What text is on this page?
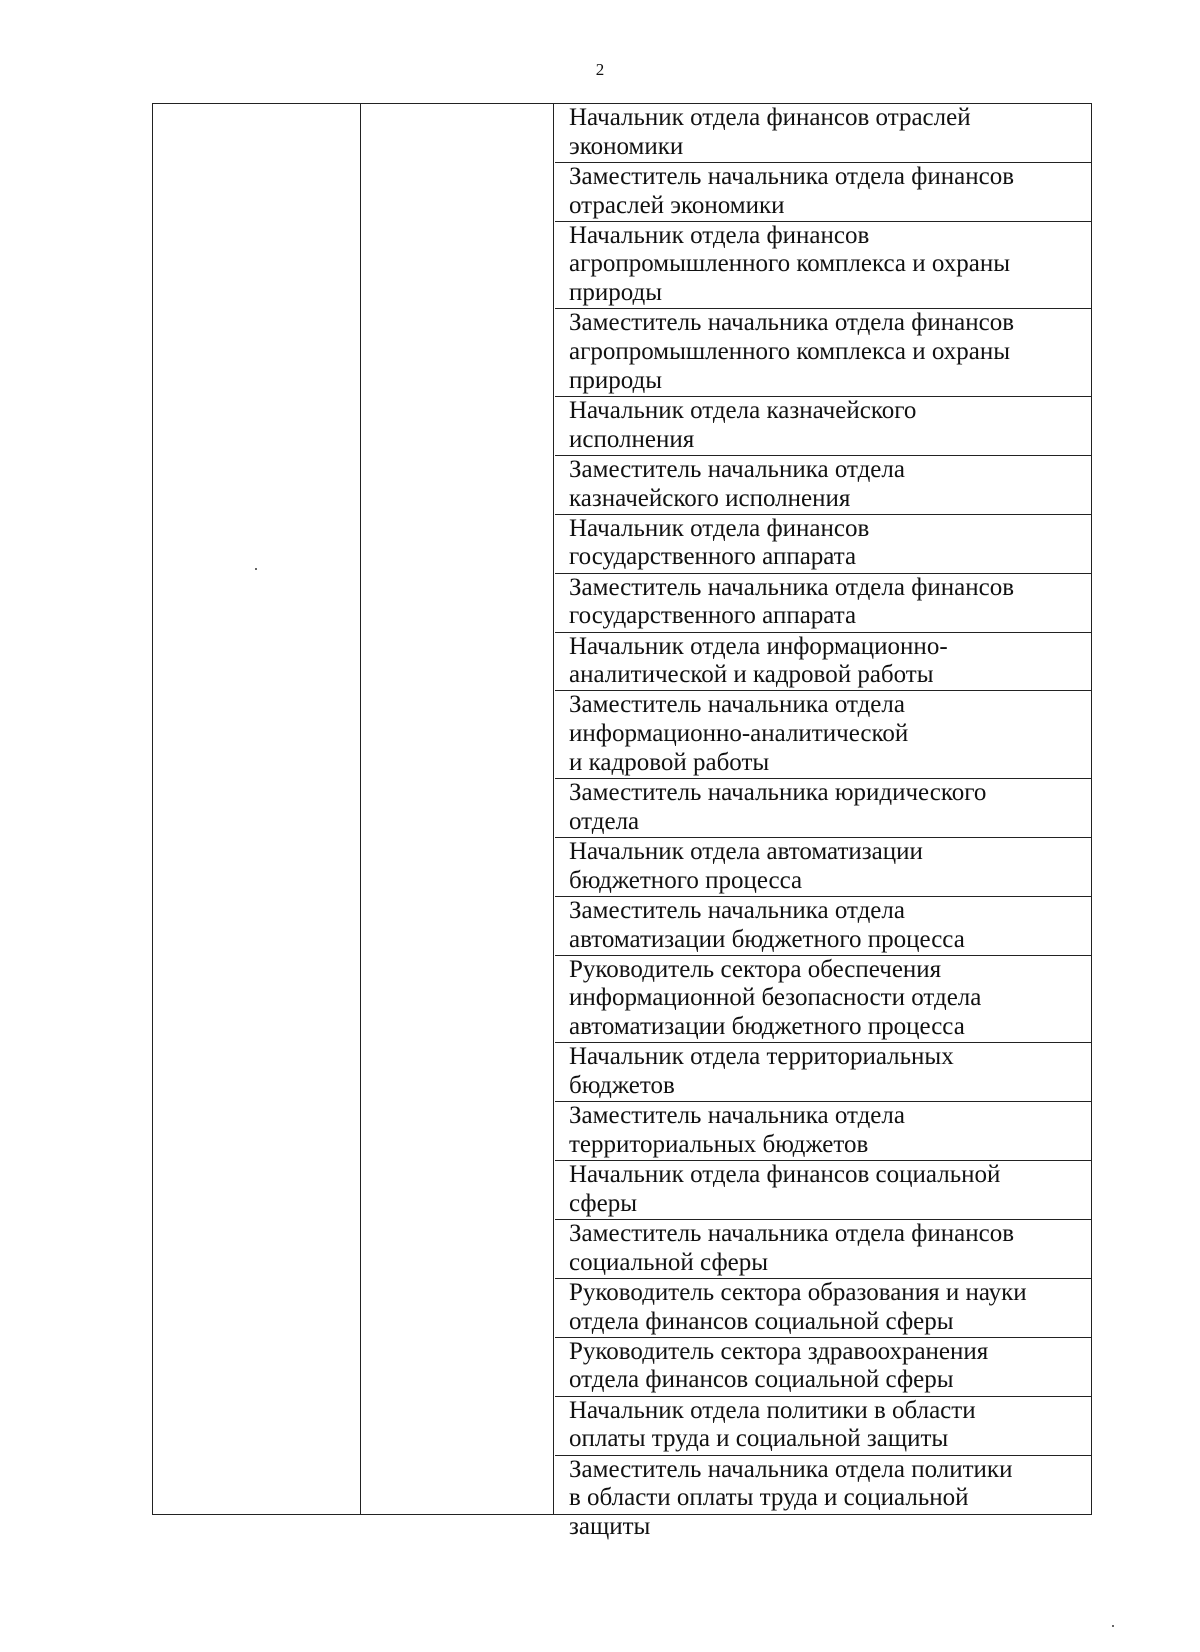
2
Начальник отдела финансов отраслей
экономики
Заместитель начальника отдела финансов
отраслей экономики
Начальник отдела финансов
агропромышленного комплекса и охраны
природы
Заместитель начальника отдела финансов
агропромышленного комплекса и охраны
природы
Начальник отдела казначейского
исполнения
Заместитель начальника отдела
казначейского исполнения
Начальник отдела финансов
государственного аппарата
Заместитель начальника отдела финансов
государственного аппарата
Начальник отдела информационно-
аналитической и кадровой работы
Заместитель начальника отдела
информационно-аналитической
и кадровой работы
Заместитель начальника юридического
отдела
Начальник отдела автоматизации
бюджетного процесса
Заместитель начальника отдела
автоматизации бюджетного процесса
Руководитель сектора обеспечения
информационной безопасности отдела
автоматизации бюджетного процесса
Начальник отдела территориальных
бюджетов
Заместитель начальника отдела
территориальных бюджетов
Начальник отдела финансов социальной
сферы
Заместитель начальника отдела финансов
социальной сферы
Руководитель сектора образования и науки
отдела финансов социальной сферы
Руководитель сектора здравоохранения
отдела финансов социальной сферы
Начальник отдела политики в области
оплаты труда и социальной защиты
Заместитель начальника отдела политики
в области оплаты труда и социальной
защиты
